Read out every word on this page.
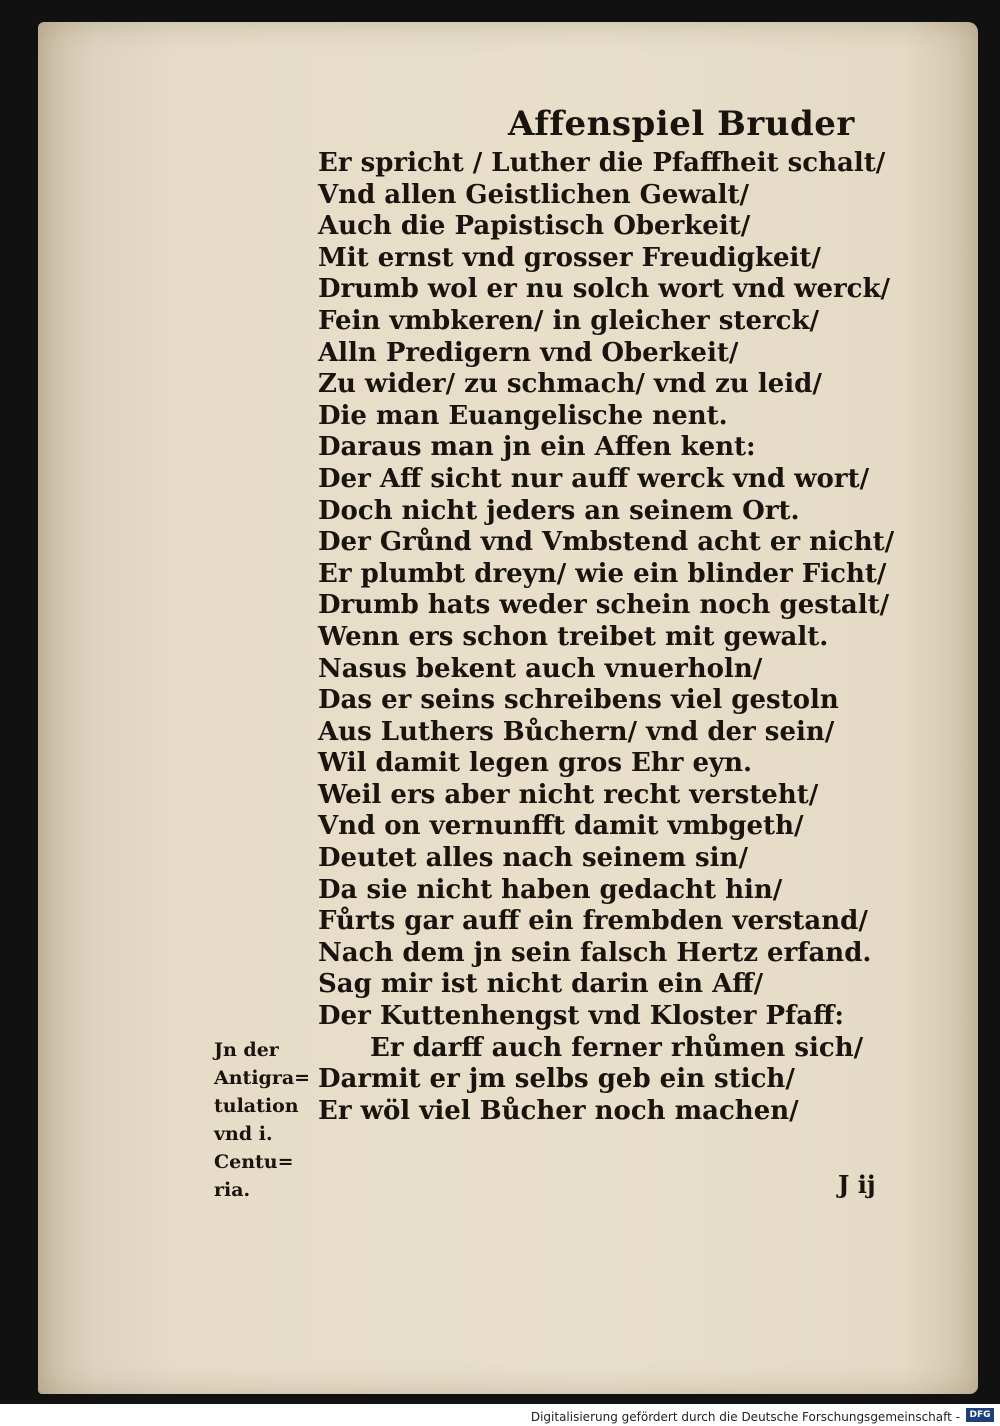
Affenspiel Bruder
Er spricht / Luther die Pfaffheit schalt/
Vnd allen Geistlichen Gewalt/
Auch die Papistisch Oberkeit/
Mit ernst vnd grosser Freudigkeit/
Drumb wol er nu solch wort vnd werck/
Fein vmbkeren/ in gleicher sterck/
Alln Predigern vnd Oberkeit/
Zu wider/ zu schmach/ vnd zu leid/
Die man Euangelische nent.
Daraus man jn ein Affen kent:
Der Aff sicht nur auff werck vnd wort/
Doch nicht jeders an seinem Ort.
Der Grůnd vnd Vmbstend acht er nicht/
Er plumbt dreyn/ wie ein blinder Ficht/
Drumb hats weder schein noch gestalt/
Wenn ers schon treibet mit gewalt.
Nasus bekent auch vnuerholn/
Das er seins schreibens viel gestoln
Aus Luthers Bůchern/ vnd der sein/
Wil damit legen gros Ehr eyn.
Weil ers aber nicht recht versteht/
Vnd on vernunfft damit vmbgeth/
Deutet alles nach seinem sin/
Da sie nicht haben gedacht hin/
Fůrts gar auff ein frembden verstand/
Nach dem jn sein falsch Hertz erfand.
Sag mir ist nicht darin ein Aff/
Der Kuttenhengst vnd Kloster Pfaff:
Er darff auch ferner rhůmen sich/
Darmit er jm selbs geb ein stich/
Er wöl viel Bůcher noch machen/
Jn der
Antigra=
tulation
vnd i.
Centu=
ria.	J ij
Digitalisierung gefördert durch die Deutsche Forschungsgemeinschaft -	DFG
